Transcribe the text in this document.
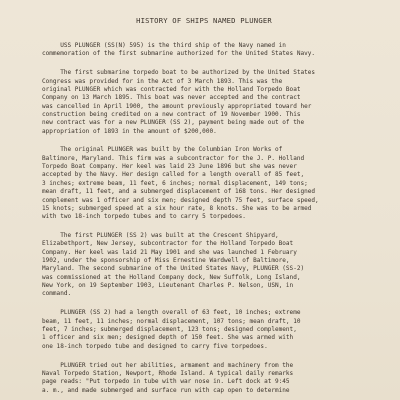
HISTORY OF SHIPS NAMED PLUNGER
USS PLUNGER (SS(N) 595) is the third ship of the Navy named in
commemoration of the first submarine authorized for the United States Navy.
The first submarine torpedo boat to be authorized by the United States
Congress was provided for in the Act of 3 March 1893. This was the
original PLUNGER which was contracted for with the Holland Torpedo Boat
Company on 13 March 1895. This boat was never accepted and the contract
was cancelled in April 1900, the amount previously appropriated toward her
construction being credited on a new contract of 19 November 1900. This
new contract was for a new PLUNGER (SS 2), payment being made out of the
appropriation of 1893 in the amount of $200,000.
The original PLUNGER was built by the Columbian Iron Works of
Baltimore, Maryland. This firm was a subcontractor for the J. P. Holland
Torpedo Boat Company. Her keel was laid 23 June 1896 but she was never
accepted by the Navy. Her design called for a length overall of 85 feet,
3 inches; extreme beam, 11 feet, 6 inches; normal displacement, 149 tons;
mean draft, 11 feet, and a submerged displacement of 168 tons. Her designed
complement was 1 officer and six men; designed depth 75 feet, surface speed,
15 knots; submerged speed at a six hour rate, 8 knots. She was to be armed
with two 18-inch torpedo tubes and to carry 5 torpedoes.
The first PLUNGER (SS 2) was built at the Crescent Shipyard,
Elizabethport, New Jersey, subcontractor for the Holland Torpedo Boat
Company. Her keel was laid 21 May 1901 and she was launched 1 February
1902, under the sponsorship of Miss Ernestine Wardwell of Baltimore,
Maryland. The second submarine of the United States Navy, PLUNGER (SS-2)
was commissioned at the Holland Company dock, New Suffolk, Long Island,
New York, on 19 September 1903, Lieutenant Charles P. Nelson, USN, in
command.
PLUNGER (SS 2) had a length overall of 63 feet, 10 inches; extreme
beam, 11 feet, 11 inches; normal displacement, 107 tons; mean draft, 10
feet, 7 inches; submerged displacement, 123 tons; designed complement,
1 officer and six men; designed depth of 150 feet. She was armed with
one 18-inch torpedo tube and designed to carry five torpedoes.
PLUNGER tried out her abilities, armament and machinery from the
Naval Torpedo Station, Newport, Rhode Island. A typical daily remarks
page reads: "Put torpedo in tube with war nose in. Left dock at 9:45
a. m., and made submerged and surface run with cap open to determine
